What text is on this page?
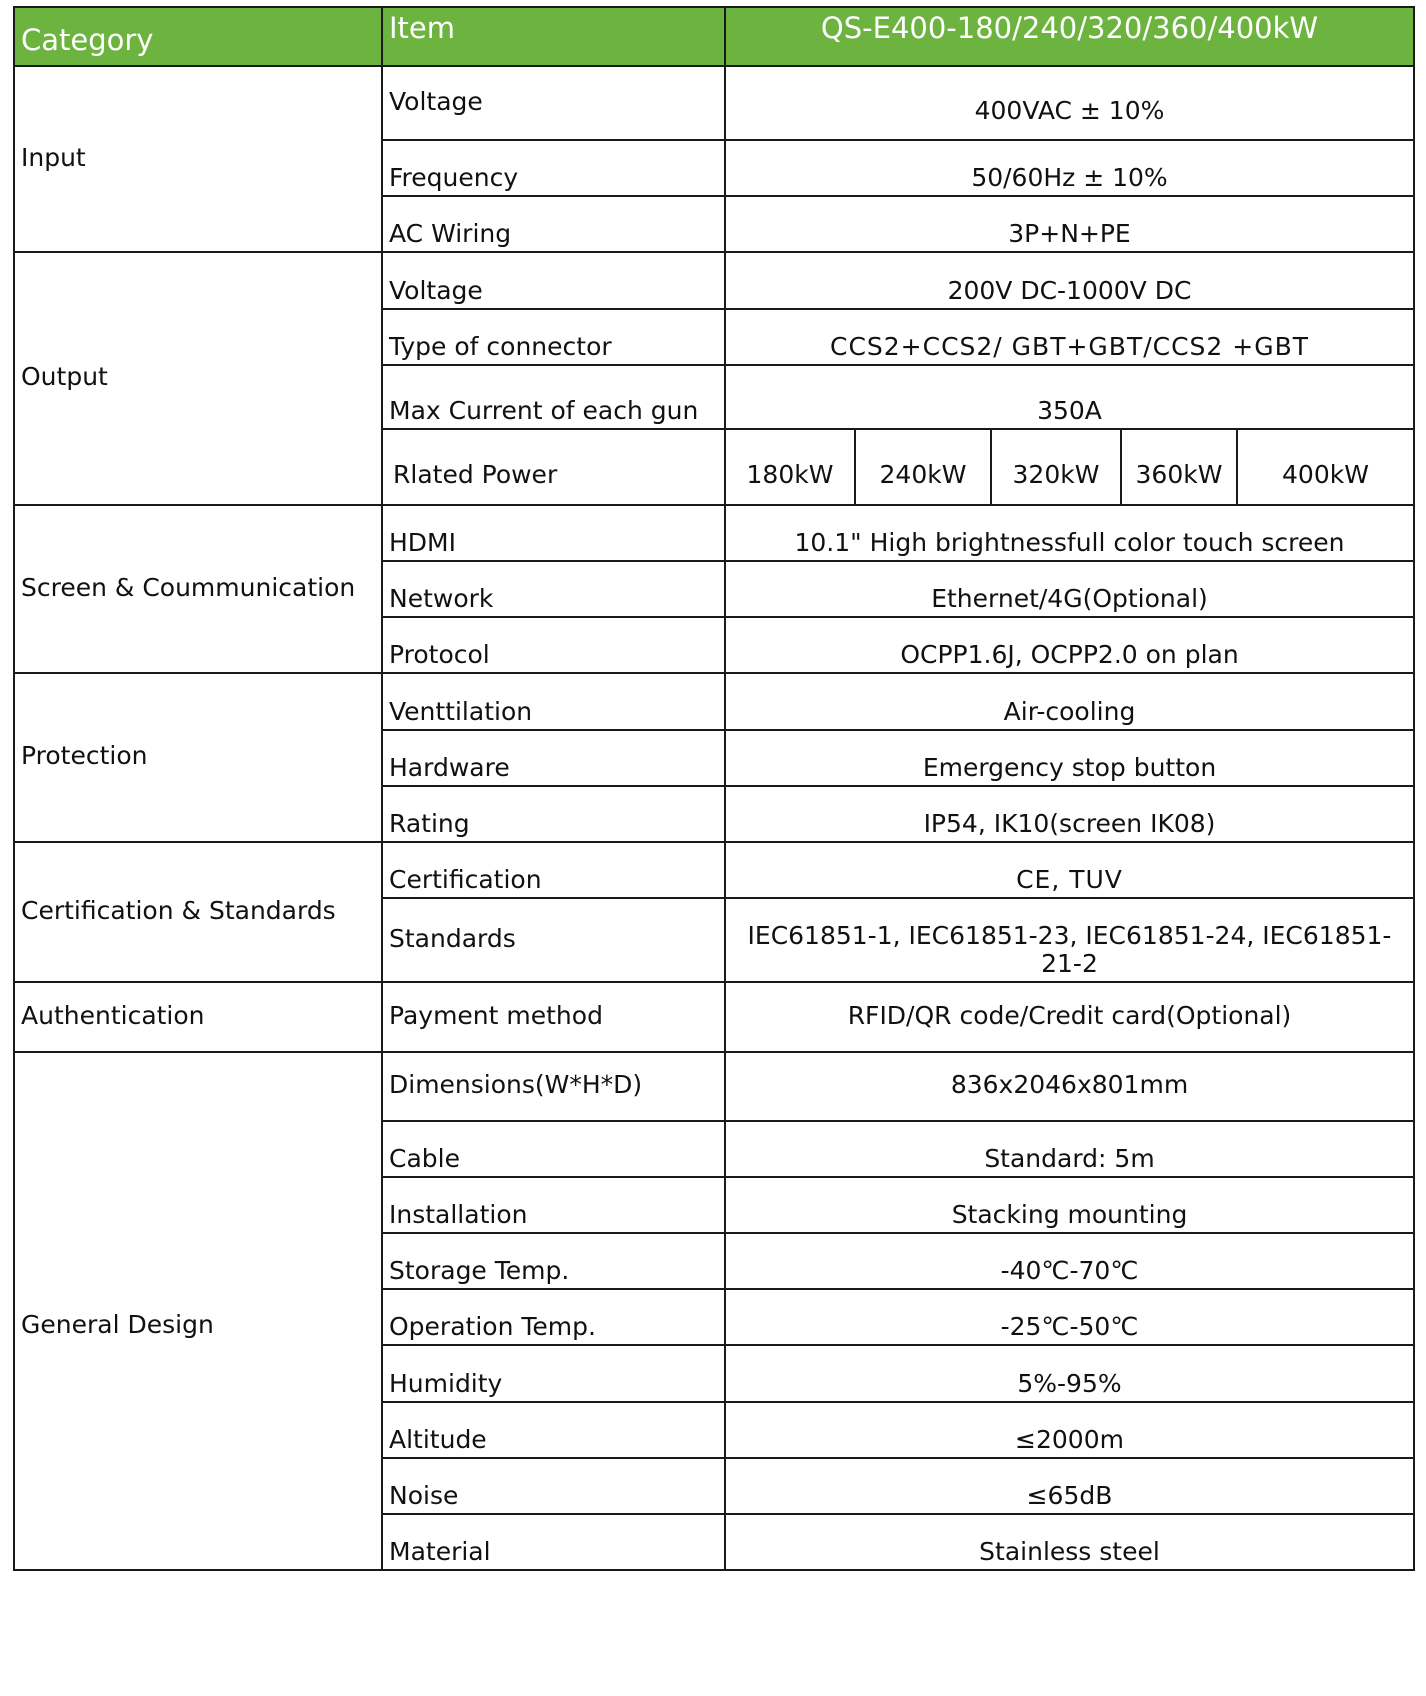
Category	Item	QS-E400-180/240/320/360/400kW
Input	Voltage	400VAC ± 10%
	Frequency	50/60Hz ± 10%
	AC Wiring	3P+N+PE
Output	Voltage	200V DC-1000V DC
	Type of connector	CCS2+CCS2/ GBT+GBT/CCS2 +GBT
	Max Current of each gun	350A
	Rlated Power	180kW	240kW	320kW	360kW	400kW

Screen & Coummunication	HDMI	10.1" High brightnessfull color touch screen
	Network	Ethernet/4G(Optional)
	Protocol	OCPP1.6J, OCPP2.0 on plan
Protection	Venttilation	Air-cooling
	Hardware	Emergency stop button
	Rating	IP54, IK10(screen IK08)
Certification & Standards	Certification	CE, TUV
	Standards	IEC61851-1, IEC61851-23, IEC61851-24, IEC61851-21-2
Authentication	Payment method	RFID/QR code/Credit card(Optional)
General Design	Dimensions(W*H*D)	836x2046x801mm
	Cable	Standard: 5m
	Installation	Stacking mounting
	Storage Temp.	-40℃-70℃
	Operation Temp.	-25℃-50℃
	Humidity	5%-95%
	Altitude	≤2000m
	Noise	≤65dB
	Material	Stainless steel
